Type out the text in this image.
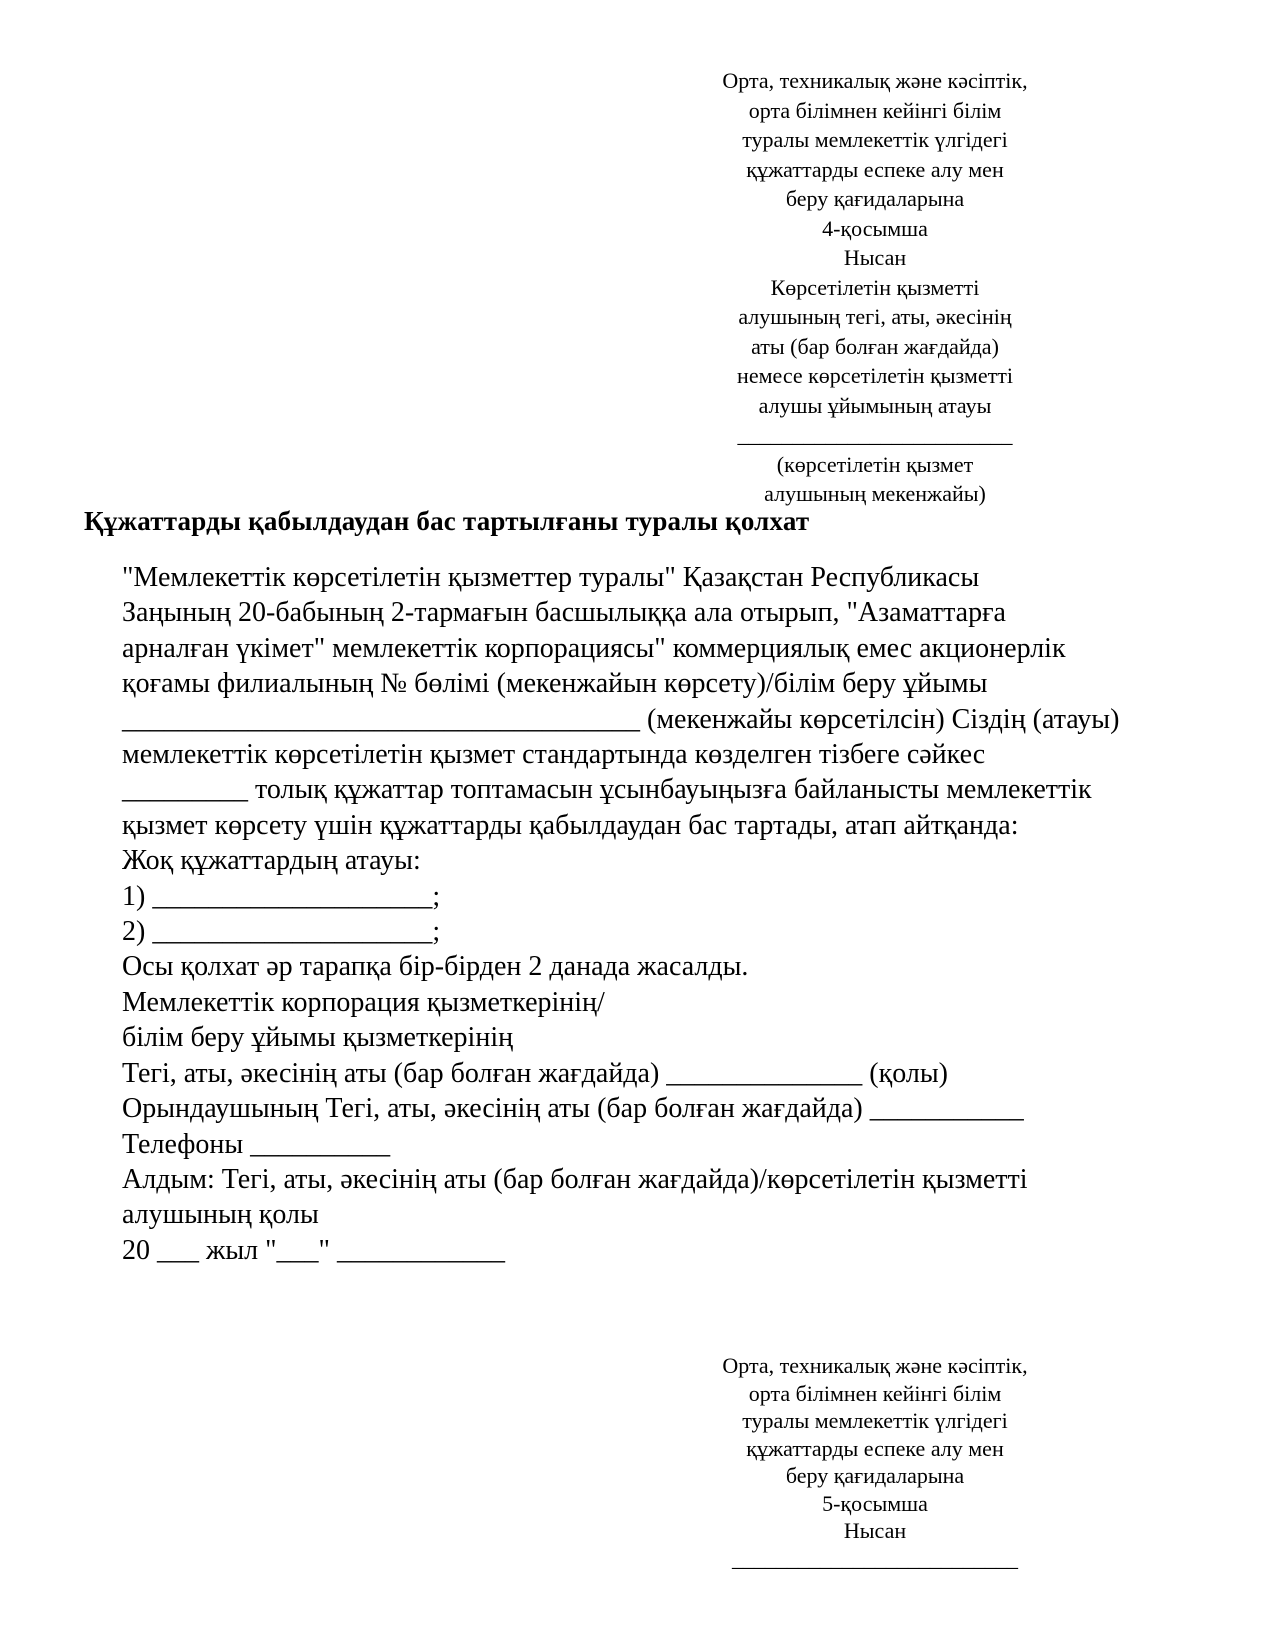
Орта, техникалық және кәсіптік,
орта білімнен кейінгі білім
туралы мемлекеттік үлгідегі
құжаттарды еспеке алу мен
беру қағидаларына
4-қосымша
Нысан
Көрсетілетін қызметті
алушының тегі, аты, әкесінің
аты (бар болған жағдайда)
немесе көрсетілетін қызметті
алушы ұйымының атауы
_________________________
(көрсетілетін қызмет
алушының мекенжайы)
Құжаттарды қабылдаудан бас тартылғаны туралы қолхат
"Мемлекеттік көрсетілетін қызметтер туралы" Қазақстан Республикасы
Заңының 20-бабының 2-тармағын басшылыққа ала отырып, "Азаматтарға
арналған үкімет" мемлекеттік корпорациясы" коммерциялық емес акционерлік
қоғамы филиалының № бөлімі (мекенжайын көрсету)/білім беру ұйымы
_____________________________________ (мекенжайы көрсетілсін) Сіздің (атауы)
мемлекеттік көрсетілетін қызмет стандартында көзделген тізбеге сәйкес
_________ толық құжаттар топтамасын ұсынбауыңызға байланысты мемлекеттік
қызмет көрсету үшін құжаттарды қабылдаудан бас тартады, атап айтқанда:
Жоқ құжаттардың атауы:
1) ____________________;
2) ____________________;
Осы қолхат әр тарапқа бір-бірден 2 данада жасалды.
Мемлекеттік корпорация қызметкерінің/
білім беру ұйымы қызметкерінің
Тегі, аты, әкесінің аты (бар болған жағдайда) ______________ (қолы)
Орындаушының Тегі, аты, әкесінің аты (бар болған жағдайда) ___________
Телефоны __________
Алдым: Тегі, аты, әкесінің аты (бар болған жағдайда)/көрсетілетін қызметті
алушының қолы
20 ___ жыл "___" ____________
Орта, техникалық және кәсіптік,
орта білімнен кейінгі білім
туралы мемлекеттік үлгідегі
құжаттарды еспеке алу мен
беру қағидаларына
5-қосымша
Нысан
__________________________
